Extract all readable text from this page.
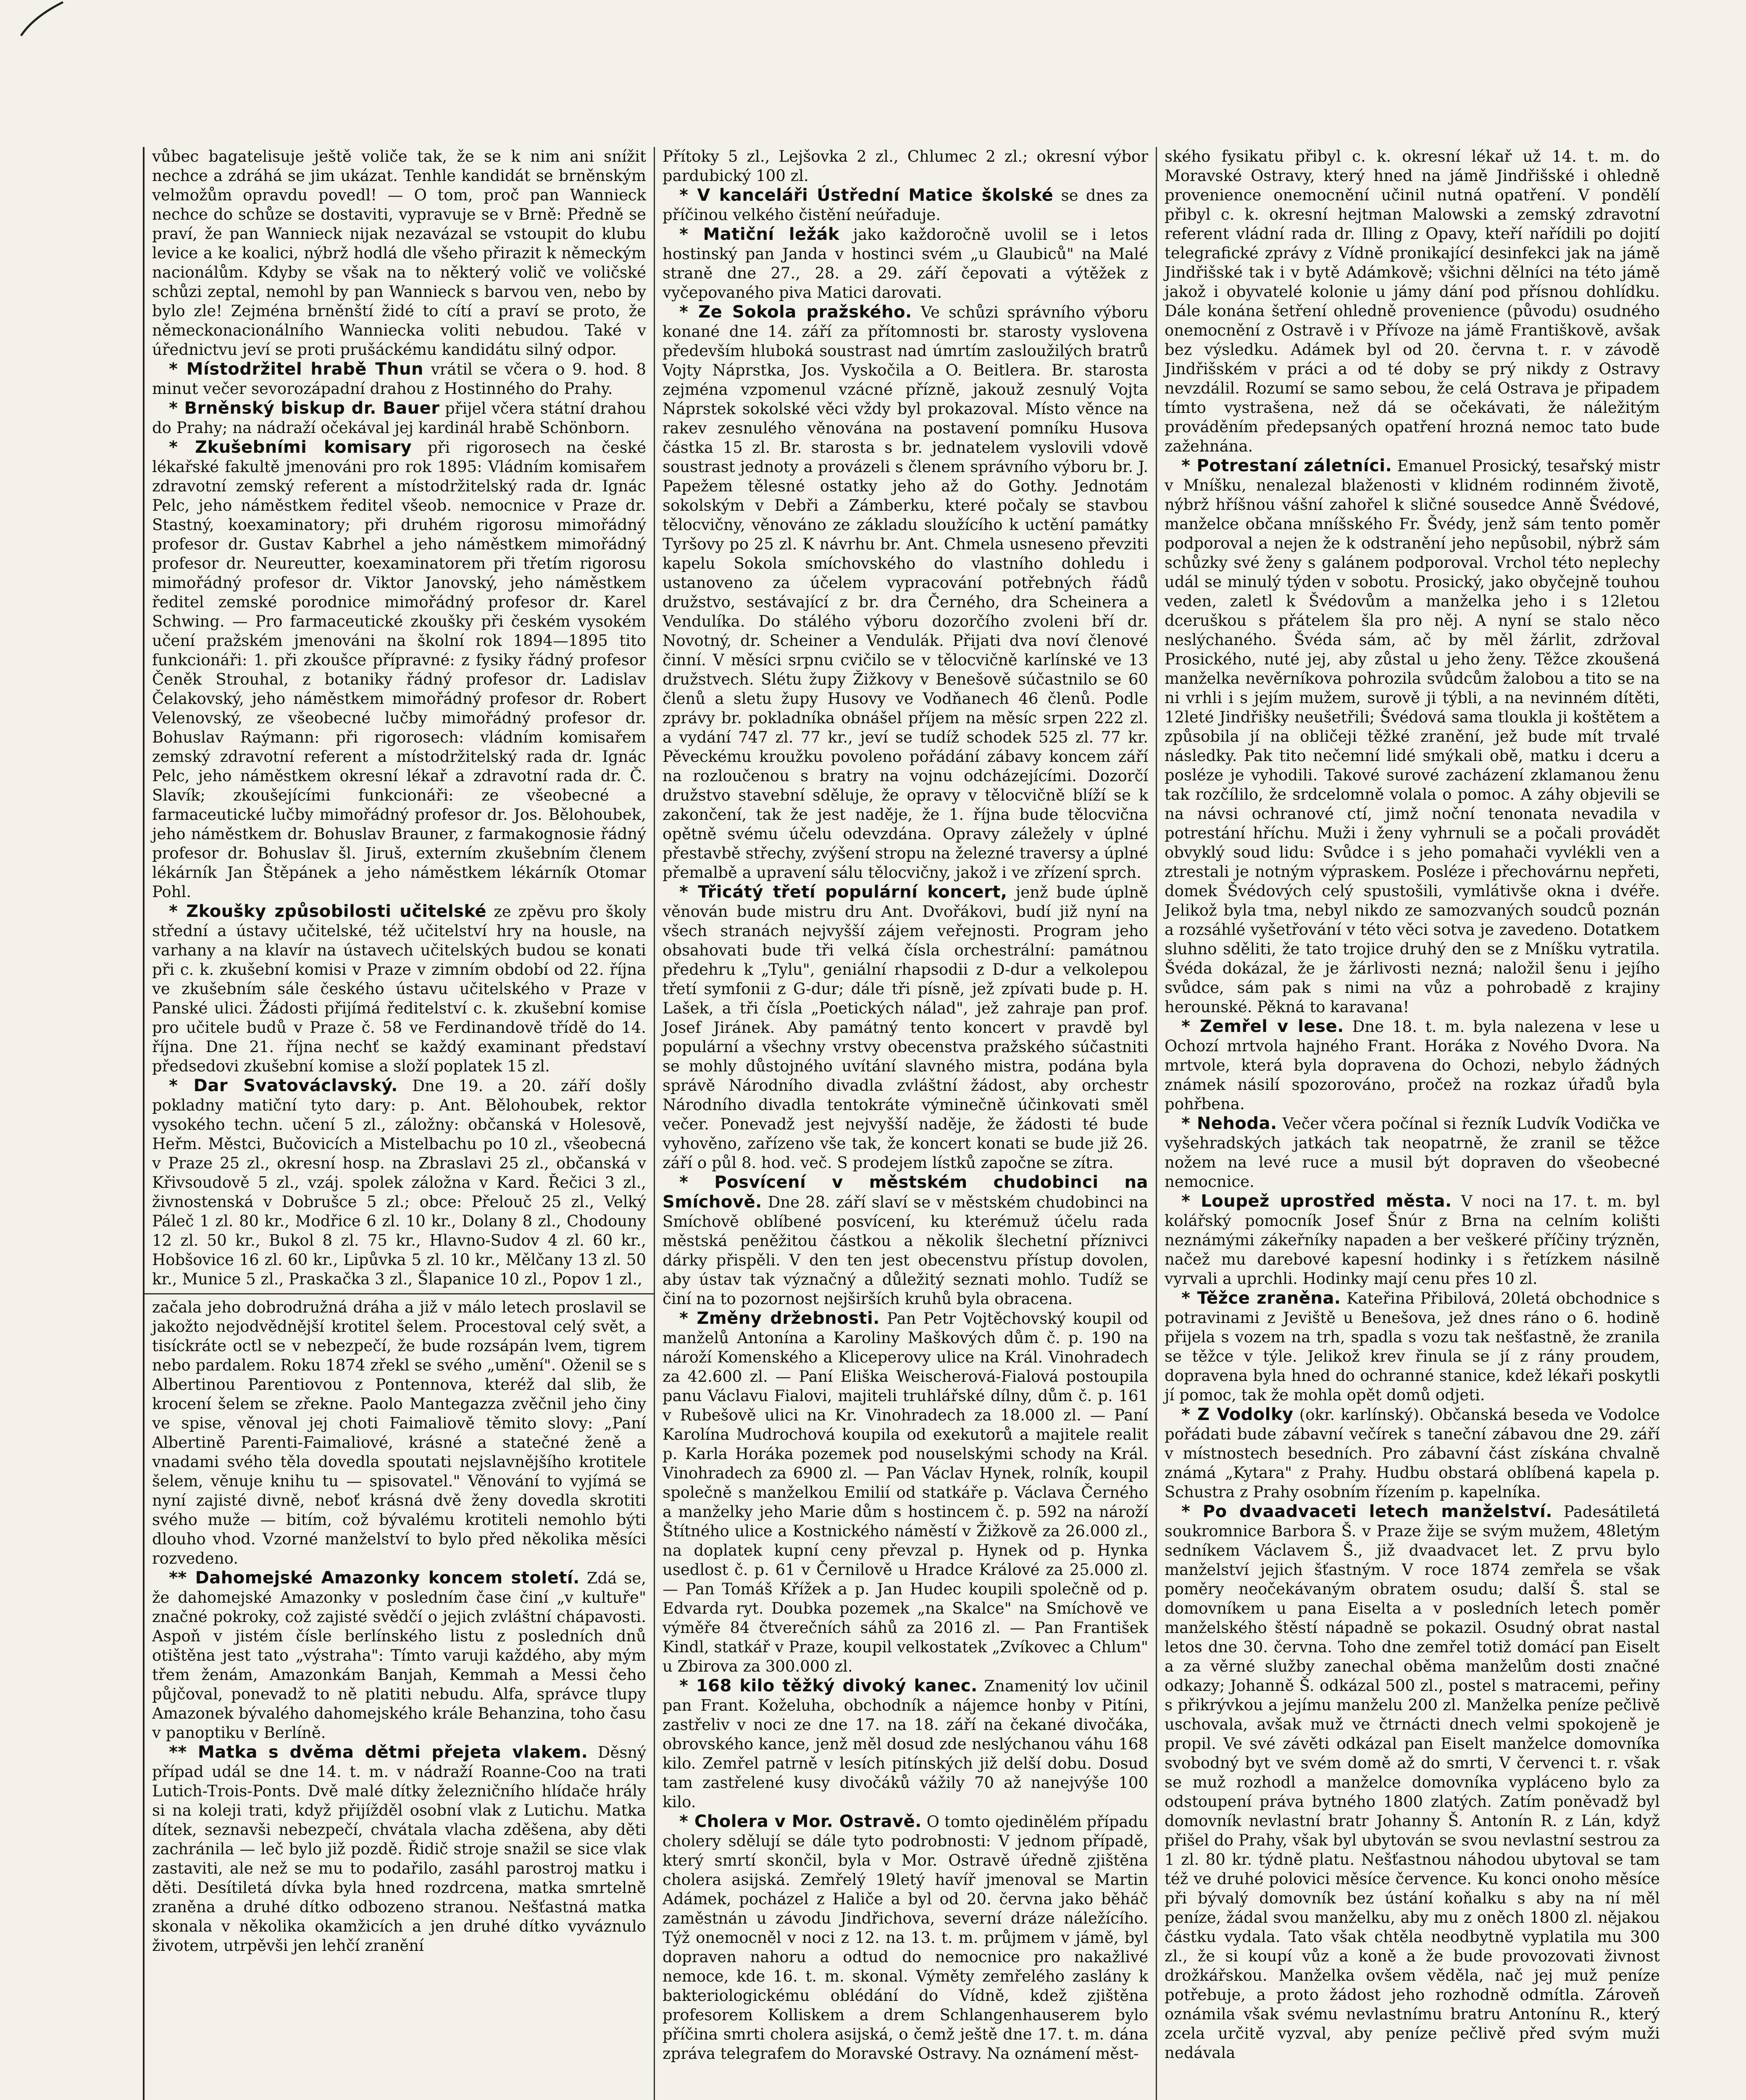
vůbec bagatelisuje ještě voliče tak, že se k nim ani snížit nechce a zdráhá se jim ukázat. Tenhle kandidát se brněnským velmožům opravdu povedl! — O tom, proč pan Wannieck nechce do schůze se dostaviti, vypravuje se v Brně: Předně se praví, že pan Wannieck nijak nezavázal se vstoupit do klubu levice a ke koalici, nýbrž hodlá dle všeho přirazit k německým nacionálům. Kdyby se však na to některý volič ve voličské schůzi zeptal, nemohl by pan Wannieck s barvou ven, nebo by bylo zle! Zejména brněnští židé to cítí a praví se proto, že německonacionálního Wanniecka voliti nebudou. Také v úřednictvu jeví se proti prušáckému kandidátu silný odpor.

* Místodržitel hrabě Thun vrátil se včera o 9. hod. 8 minut večer sevorozápadní drahou z Hostinného do Prahy.

* Brněnský biskup dr. Bauer přijel včera státní drahou do Prahy; na nádraží očekával jej kardinál hrabě Schönborn.

* Zkušebními komisary při rigorosech na české lékařské fakultě jmenováni pro rok 1895: Vládním komisařem zdravotní zemský referent a místodržitelský rada dr. Ignác Pelc, jeho náměstkem ředitel všeob. nemocnice v Praze dr. Stastný, koexaminatory; při druhém rigorosu mimořádný profesor dr. Gustav Kabrhel a jeho náměstkem mimořádný profesor dr. Neureutter, koexaminatorem při třetím rigorosu mimořádný profesor dr. Viktor Janovský, jeho náměstkem ředitel zemské porodnice mimořádný profesor dr. Karel Schwing. — Pro farmaceutické zkoušky při českém vysokém učení pražském jmenováni na školní rok 1894—1895 tito funkcionáři: 1. při zkoušce přípravné: z fysiky řádný profesor Čeněk Strouhal, z botaniky řádný profesor dr. Ladislav Čelakovský, jeho náměstkem mimořádný profesor dr. Robert Velenovský, ze všeobecné lučby mimořádný profesor dr. Bohuslav Raýmann: při rigorosech: vládním komisařem zemský zdravotní referent a místodržitelský rada dr. Ignác Pelc, jeho náměstkem okresní lékař a zdravotní rada dr. Č. Slavík; zkoušejícími funkcionáři: ze všeobecné a farmaceutické lučby mimořádný profesor dr. Jos. Bělohoubek, jeho náměstkem dr. Bohuslav Brauner, z farmakognosie řádný profesor dr. Bohuslav šl. Jiruš, externím zkušebním členem lékárník Jan Štěpánek a jeho náměstkem lékárník Otomar Pohl.

* Zkoušky způsobilosti učitelské ze zpěvu pro školy střední a ústavy učitelské, též učitelství hry na housle, na varhany a na klavír na ústavech učitelských budou se konati při c. k. zkušební komisi v Praze v zimním období od 22. října ve zkušebním sále českého ústavu učitelského v Praze v Panské ulici. Žádosti přijímá ředitelství c. k. zkušební komise pro učitele budů v Praze č. 58 ve Ferdinandově třídě do 14. října. Dne 21. října nechť se každý examinant představí předsedovi zkušební komise a složí poplatek 15 zl.

* Dar Svatováclavský. Dne 19. a 20. září došly pokladny matiční tyto dary: p. Ant. Bělohoubek, rektor vysokého techn. učení 5 zl., záložny: občanská v Holesově, Heřm. Městci, Bučovicích a Mistelbachu po 10 zl., všeobecná v Praze 25 zl., okresní hosp. na Zbraslavi 25 zl., občanská v Křivsoudově 5 zl., vzáj. spolek záložna v Kard. Řečici 3 zl., živnostenská v Dobrušce 5 zl.; obce: Přelouč 25 zl., Velký Páleč 1 zl. 80 kr., Modřice 6 zl. 10 kr., Dolany 8 zl., Chodouny 12 zl. 50 kr., Bukol 8 zl. 75 kr., Hlavno-Sudov 4 zl. 60 kr., Hobšovice 16 zl. 60 kr., Lipůvka 5 zl. 10 kr., Mělčany 13 zl. 50 kr., Munice 5 zl., Praskačka 3 zl., Šlapanice 10 zl., Popov 1 zl.,

začala jeho dobrodružná dráha a již v málo letech proslavil se jakožto nejodvědnější krotitel šelem. Procestoval celý svět, a tisíckráte octl se v nebezpečí, že bude rozsápán lvem, tigrem nebo pardalem. Roku 1874 zřekl se svého „umění". Oženil se s Albertinou Parentiovou z Pontennova, kteréž dal slib, že krocení šelem se zřekne. Paolo Mantegazza zvěčnil jeho činy ve spise, věnoval jej choti Faimaliově těmito slovy: „Paní Albertině Parenti-Faimaliové, krásné a statečné ženě a vnadami svého těla dovedla spoutati nejslavnějšího krotitele šelem, věnuje knihu tu — spisovatel." Věnování to vyjímá se nyní zajisté divně, neboť krásná dvě ženy dovedla skrotiti svého muže — bitím, což bývalému krotiteli nemohlo býti dlouho vhod. Vzorné manželství to bylo před několika měsíci rozvedeno.

** Dahomejské Amazonky koncem století. Zdá se, že dahomejské Amazonky v posledním čase činí „v kultuře" značné pokroky, což zajisté svědčí o jejich zvláštní chápavosti. Aspoň v jistém čísle berlínského listu z posledních dnů otištěna jest tato „výstraha": Tímto varuji každého, aby mým třem ženám, Amazonkám Banjah, Kemmah a Messi čeho půjčoval, ponevadž to ně platiti nebudu. Alfa, správce tlupy Amazonek bývalého dahomejského krále Behanzina, toho času v panoptiku v Berlíně.

** Matka s dvěma dětmi přejeta vlakem. Děsný případ udál se dne 14. t. m. v nádraží Roanne-Coo na trati Lutich-Trois-Ponts. Dvě malé dítky železničního hlídače hrály si na koleji trati, když přijížděl osobní vlak z Lutichu. Matka dítek, seznavši nebezpečí, chvátala vlacha zděšena, aby děti zachránila — leč bylo již pozdě. Řidič stroje snažil se sice vlak zastaviti, ale než se mu to podařilo, zasáhl parostroj matku i děti. Desítiletá dívka byla hned rozdrcena, matka smrtelně zraněna a druhé dítko odbozeno stranou. Nešťastná matka skonala v několika okamžicích a jen druhé dítko vyváznulo životem, utrpěvši jen lehčí zranění

Přítoky 5 zl., Lejšovka 2 zl., Chlumec 2 zl.; okresní výbor pardubický 100 zl.

* V kanceláři Ústřední Matice školské se dnes za příčinou velkého čistění neúřaduje.

* Matiční ležák jako každoročně uvolil se i letos hostinský pan Janda v hostinci svém „u Glaubiců" na Malé straně dne 27., 28. a 29. září čepovati a výtěžek z vyčepovaného piva Matici darovati.

* Ze Sokola pražského. Ve schůzi správního výboru konané dne 14. září za přítomnosti br. starosty vyslovena především hluboká soustrast nad úmrtím zasloužilých bratrů Vojty Náprstka, Jos. Vyskočila a O. Beitlera. Br. starosta zejména vzpomenul vzácné přízně, jakouž zesnulý Vojta Náprstek sokolské věci vždy byl prokazoval. Místo věnce na rakev zesnulého věnována na postavení pomníku Husova částka 15 zl. Br. starosta s br. jednatelem vyslovili vdově soustrast jednoty a provázeli s členem správního výboru br. J. Papežem tělesné ostatky jeho až do Gothy. Jednotám sokolským v Debři a Zámberku, které počaly se stavbou tělocvičny, věnováno ze základu sloužícího k uctění památky Tyršovy po 25 zl. K návrhu br. Ant. Chmela usneseno převziti kapelu Sokola smíchovského do vlastního dohledu i ustanoveno za účelem vypracování potřebných řádů družstvo, sestávající z br. dra Černého, dra Scheinera a Vendulíka. Do stálého výboru dozorčího zvoleni bří dr. Novotný, dr. Scheiner a Vendulák. Přijati dva noví členové činní. V měsíci srpnu cvičilo se v tělocvičně karlínské ve 13 družstvech. Slétu župy Žižkovy v Benešově súčastnilo se 60 členů a sletu župy Husovy ve Vodňanech 46 členů. Podle zprávy br. pokladníka obnášel příjem na měsíc srpen 222 zl. a vydání 747 zl. 77 kr., jeví se tudíž schodek 525 zl. 77 kr. Pěveckému kroužku povoleno pořádání zábavy koncem září na rozloučenou s bratry na vojnu odcházejícími. Dozorčí družstvo stavební sděluje, že opravy v tělocvičně blíží se k zakončení, tak že jest naděje, že 1. října bude tělocvična opětně svému účelu odevzdána. Opravy záležely v úplné přestavbě střechy, zvýšení stropu na železné traversy a úplné přemalbě a upravení sálu tělocvičny, jakož i ve zřízení sprch.

* Třicátý třetí populární koncert, jenž bude úplně věnován bude mistru dru Ant. Dvořákovi, budí již nyní na všech stranách nejvyšší zájem veřejnosti. Program jeho obsahovati bude tři velká čísla orchestrální: památnou předehru k „Tylu", geniální rhapsodii z D-dur a velkolepou třetí symfonii z G-dur; dále tři písně, jež zpívati bude p. H. Lašek, a tři čísla „Poetických nálad", jež zahraje pan prof. Josef Jiránek. Aby památný tento koncert v pravdě byl populární a všechny vrstvy obecenstva pražského súčastniti se mohly důstojného uvítání slavného mistra, podána byla správě Národního divadla zvláštní žádost, aby orchestr Národního divadla tentokráte výminečně účinkovati směl večer. Ponevadž jest nejvyšší naděje, že žádosti té bude vyhověno, zařízeno vše tak, že koncert konati se bude již 26. září o půl 8. hod. več. S prodejem lístků započne se zítra.

* Posvícení v městském chudobinci na Smíchově. Dne 28. září slaví se v městském chudobinci na Smíchově oblíbené posvícení, ku kterémuž účelu rada městská peněžitou částkou a několik šlechetní příznivci dárky přispěli. V den ten jest obecenstvu přístup dovolen, aby ústav tak význačný a důležitý seznati mohlo. Tudíž se činí na to pozornost nejširších kruhů byla obracena.

* Změny držebnosti. Pan Petr Vojtěchovský koupil od manželů Antonína a Karoliny Maškových dům č. p. 190 na nároží Komenského a Kliceperovy ulice na Král. Vinohradech za 42.600 zl. — Paní Eliška Weischerová-Fialová postoupila panu Václavu Fialovi, majiteli truhlářské dílny, dům č. p. 161 v Rubešově ulici na Kr. Vinohradech za 18.000 zl. — Paní Karolína Mudrochová koupila od exekutorů a majitele realit p. Karla Horáka pozemek pod nouselskými schody na Král. Vinohradech za 6900 zl. — Pan Václav Hynek, rolník, koupil společně s manželkou Emilií od statkáře p. Václava Černého a manželky jeho Marie dům s hostincem č. p. 592 na nároží Štítného ulice a Kostnického náměstí v Žižkově za 26.000 zl., na doplatek kupní ceny převzal p. Hynek od p. Hynka usedlost č. p. 61 v Černilově u Hradce Králové za 25.000 zl. — Pan Tomáš Křížek a p. Jan Hudec koupili společně od p. Edvarda ryt. Doubka pozemek „na Skalce" na Smíchově ve výměře 84 čtverečních sáhů za 2016 zl. — Pan František Kindl, statkář v Praze, koupil velkostatek „Zvíkovec a Chlum" u Zbirova za 300.000 zl.

* 168 kilo těžký divoký kanec. Znamenitý lov učinil pan Frant. Koželuha, obchodník a nájemce honby v Pitíni, zastřeliv v noci ze dne 17. na 18. září na čekané divočáka, obrovského kance, jenž měl dosud zde neslýchanou váhu 168 kilo. Zemřel patrně v lesích pitínských již delší dobu. Dosud tam zastřelené kusy divočáků vážily 70 až nanejvýše 100 kilo.

* Cholera v Mor. Ostravě. O tomto ojedinělém případu cholery sdělují se dále tyto podrobnosti: V jednom případě, který smrtí skončil, byla v Mor. Ostravě úředně zjištěna cholera asijská. Zemřelý 19letý havíř jmenoval se Martin Adámek, pocházel z Haliče a byl od 20. června jako běháč zaměstnán u závodu Jindřichova, severní dráze náležícího. Týž onemocněl v noci z 12. na 13. t. m. průjmem v jámě, byl dopraven nahoru a odtud do nemocnice pro nakažlivé nemoce, kde 16. t. m. skonal. Výměty zemřelého zaslány k bakteriologickému oblédání do Vídně, kdež zjištěna profesorem Kolliskem a drem Schlangenhauserem bylo příčina smrti cholera asijská, o čemž ještě dne 17. t. m. dána zpráva telegrafem do Moravské Ostravy. Na oznámení měst-

ského fysikatu přibyl c. k. okresní lékař už 14. t. m. do Moravské Ostravy, který hned na jámě Jindřišské i ohledně provenience onemocnění učinil nutná opatření. V pondělí přibyl c. k. okresní hejtman Malowski a zemský zdravotní referent vládní rada dr. Illing z Opavy, kteří nařídili po dojití telegrafické zprávy z Vídně pronikající desinfekci jak na jámě Jindřišské tak i v bytě Adámkově; všichni dělníci na této jámě jakož i obyvatelé kolonie u jámy dání pod přísnou dohlídku. Dále konána šetření ohledně provenience (původu) osudného onemocnění z Ostravě i v Přívoze na jámě Františkově, avšak bez výsledku. Adámek byl od 20. června t. r. v závodě Jindřišském v práci a od té doby se prý nikdy z Ostravy nevzdálil. Rozumí se samo sebou, že celá Ostrava je připadem tímto vystrašena, než dá se očekávati, že náležitým prováděním předepsaných opatření hrozná nemoc tato bude zažehnána.

* Potrestaní záletníci. Emanuel Prosický, tesařský mistr v Mníšku, nenalezal blaženosti v klidném rodinném životě, nýbrž hříšnou vášní zahořel k sličné sousedce Anně Švédové, manželce občana mníšského Fr. Švédy, jenž sám tento poměr podporoval a nejen že k odstranění jeho nepůsobil, nýbrž sám schůzky své ženy s galánem podporoval. Vrchol této neplechy udál se minulý týden v sobotu. Prosický, jako obyčejně touhou veden, zaletl k Švédovům a manželka jeho i s 12letou dceruškou s přátelem šla pro něj. A nyní se stalo něco neslýchaného. Švéda sám, ač by měl žárlit, zdržoval Prosického, nuté jej, aby zůstal u jeho ženy. Těžce zkoušená manželka nevěrníkova pohrozila svůdcům žalobou a tito se na ni vrhli i s jejím mužem, surově ji týbli, a na nevinném dítěti, 12leté Jindřišky neušetřili; Švédová sama tloukla ji koštětem a způsobila jí na obličeji těžké zranění, jež bude mít trvalé následky. Pak tito nečemní lidé smýkali obě, matku i dceru a posléze je vyhodili. Takové surové zacházení zklamanou ženu tak rozčílilo, že srdcelomně volala o pomoc. A záhy objevili se na návsi ochranové ctí, jimž noční tenonata nevadila v potrestání hříchu. Muži i ženy vyhrnuli se a počali provádět obvyklý soud lidu: Svůdce i s jeho pomahači vyvlékli ven a ztrestali je notným výpraskem. Posléze i přechovárnu nepřeti, domek Švédových celý spustošili, vymlátivše okna i dvéře. Jelikož byla tma, nebyl nikdo ze samozvaných soudců poznán a rozsáhlé vyšetřování v této věci sotva je zavedeno. Dotatkem sluhno sděliti, že tato trojice druhý den se z Mníšku vytratila. Švéda dokázal, že je žárlivosti nezná; naložil šenu i jejího svůdce, sám pak s nimi na vůz a pohrobadě z krajiny herounské. Pěkná to karavana!

* Zemřel v lese. Dne 18. t. m. byla nalezena v lese u Ochozí mrtvola hajného Frant. Horáka z Nového Dvora. Na mrtvole, která byla dopravena do Ochozi, nebylo žádných známek násilí spozorováno, pročež na rozkaz úřadů byla pohřbena.

* Nehoda. Večer včera počínal si řezník Ludvík Vodička ve vyšehradských jatkách tak neopatrně, že zranil se těžce nožem na levé ruce a musil být dopraven do všeobecné nemocnice.

* Loupež uprostřed města. V noci na 17. t. m. byl kolářský pomocník Josef Šnúr z Brna na celním kolišti neznámými zákeřníky napaden a ber veškeré příčiny trýzněn, načež mu darebové kapesní hodinky i s řetízkem násilně vyrvali a uprchli. Hodinky mají cenu přes 10 zl.

* Těžce zraněna. Kateřina Přibilová, 20letá obchodnice s potravinami z Jeviště u Benešova, jež dnes ráno o 6. hodině přijela s vozem na trh, spadla s vozu tak nešťastně, že zranila se těžce v týle. Jelikož krev řinula se jí z rány proudem, dopravena byla hned do ochranné stanice, kdež lékaři poskytli jí pomoc, tak že mohla opět domů odjeti.

* Z Vodolky (okr. karlínský). Občanská beseda ve Vodolce pořádati bude zábavní večírek s taneční zábavou dne 29. září v místnostech besedních. Pro zábavní část získána chvalně známá „Kytara" z Prahy. Hudbu obstará oblíbená kapela p. Schustra z Prahy osobním řízením p. kapelníka.

* Po dvaadvaceti letech manželství. Padesátiletá soukromnice Barbora Š. v Praze žije se svým mužem, 48letým sedníkem Václavem Š., již dvaadvacet let. Z prvu bylo manželství jejich šťastným. V roce 1874 zemřela se však poměry neočekávaným obratem osudu; další Š. stal se domovníkem u pana Eiselta a v posledních letech poměr manželského štěstí nápadně se pokazil. Osudný obrat nastal letos dne 30. června. Toho dne zemřel totiž domácí pan Eiselt a za věrné služby zanechal oběma manželům dosti značné odkazy; Johanně Š. odkázal 500 zl., postel s matracemi, peřiny s přikrývkou a jejímu manželu 200 zl. Manželka peníze pečlivě uschovala, avšak muž ve čtrnácti dnech velmi spokojeně je propil. Ve své závěti odkázal pan Eiselt manželce domovníka svobodný byt ve svém domě až do smrti, V červenci t. r. však se muž rozhodl a manželce domovníka vypláceno bylo za odstoupení práva bytného 1800 zlatých. Zatím poněvadž byl domovník nevlastní bratr Johanny Š. Antonín R. z Lán, když přišel do Prahy, však byl ubytován se svou nevlastní sestrou za 1 zl. 80 kr. týdně platu. Nešťastnou náhodou ubytoval se tam též ve druhé polovici měsíce července. Ku konci onoho měsíce při bývalý domovník bez ústání koňalku s aby na ní měl peníze, žádal svou manželku, aby mu z oněch 1800 zl. nějakou částku vydala. Tato však chtěla neodbytně vyplatila mu 300 zl., že si koupí vůz a koně a že bude provozovati živnost drožkářskou. Manželka ovšem věděla, nač jej muž peníze potřebuje, a proto žádost jeho rozhodně odmítla. Zároveň oznámila však svému nevlastnímu bratru Antonínu R., který zcela určitě vyzval, aby peníze pečlivě před svým muži nedávala
